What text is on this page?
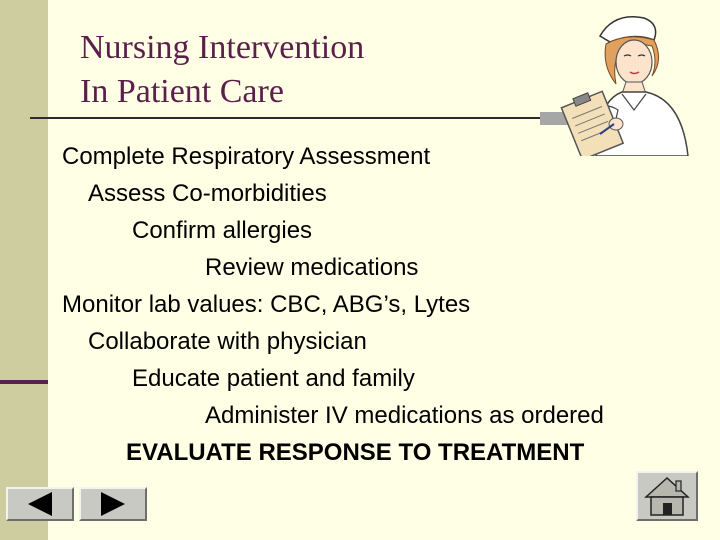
Nursing Intervention
In Patient Care
Complete Respiratory Assessment
Assess Co-morbidities
Confirm allergies
Review medications
Monitor lab values: CBC, ABG’s, Lytes
Collaborate with physician
Educate patient and family
Administer IV medications as ordered
EVALUATE RESPONSE TO TREATMENT
